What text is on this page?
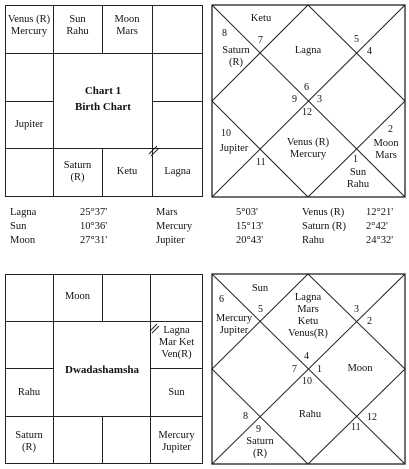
Venus (R)
Mercury
Sun
Rahu
Moon
Mars
Jupiter
Saturn
(R)
Ketu	Lagna
Chart 1
Birth Chart
Ketu
Saturn
(R)
Lagna
Jupiter
Venus (R)
Mercury
Moon
Mars
Sun
Rahu
8
7	5
4
6
9 3
12
10	2
11	1
Lagna	25°37'	Mars	5°03'	Venus (R)	12°21'
Sun	10°36'	Mercury	15°13'	Saturn (R)	2°42'
Moon	27°31'	Jupiter	20°43'	Rahu	24°32'
Moon
Lagna
Mar Ket
Ven(R)
Rahu	Sun
Saturn
(R)
Mercury
Jupiter
Dwadashamsha
Sun
Mercury
Jupiter
Lagna
Mars
Ketu
Venus(R)
Moon
Rahu
Saturn
(R)
6
5	3
2
4
7 1
10
8
9	11
12
